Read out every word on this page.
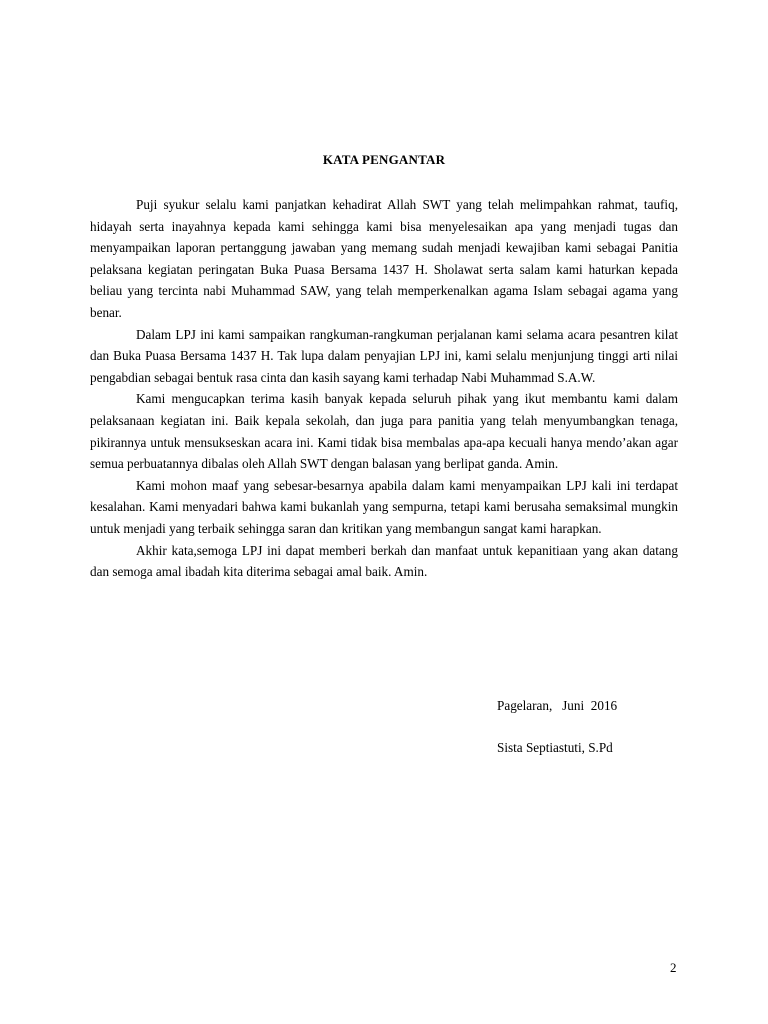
KATA PENGANTAR

Puji syukur selalu kami panjatkan kehadirat Allah SWT yang telah melimpahkan rahmat, taufiq, hidayah serta inayahnya kepada kami sehingga kami bisa menyelesaikan apa yang menjadi tugas dan menyampaikan laporan pertanggung jawaban yang memang sudah menjadi kewajiban kami sebagai Panitia pelaksana kegiatan peringatan Buka Puasa Bersama 1437 H. Sholawat serta salam kami haturkan kepada beliau yang tercinta nabi Muhammad SAW, yang telah memperkenalkan agama Islam sebagai agama yang benar.

Dalam LPJ ini kami sampaikan rangkuman-rangkuman perjalanan kami selama acara pesantren kilat dan Buka Puasa Bersama 1437 H. Tak lupa dalam penyajian LPJ ini, kami selalu menjunjung tinggi arti nilai pengabdian sebagai bentuk rasa cinta dan kasih sayang kami terhadap Nabi Muhammad S.A.W.

Kami mengucapkan terima kasih banyak kepada seluruh pihak yang ikut membantu kami dalam pelaksanaan kegiatan ini. Baik kepala sekolah, dan juga para panitia yang telah menyumbangkan tenaga, pikirannya untuk mensukseskan acara ini. Kami tidak bisa membalas apa-apa kecuali hanya mendo’akan agar semua perbuatannya dibalas oleh Allah SWT dengan balasan yang berlipat ganda. Amin.

Kami mohon maaf yang sebesar-besarnya apabila dalam kami menyampaikan LPJ kali ini terdapat kesalahan. Kami menyadari bahwa kami bukanlah yang sempurna, tetapi kami berusaha semaksimal mungkin untuk menjadi yang terbaik sehingga saran dan kritikan yang membangun sangat kami harapkan.

Akhir kata,semoga LPJ ini dapat memberi berkah dan manfaat untuk kepanitiaan yang akan datang dan semoga amal ibadah kita diterima sebagai amal baik. Amin.

Pagelaran,   Juni  2016
Sista Septiastuti, S.Pd
2
